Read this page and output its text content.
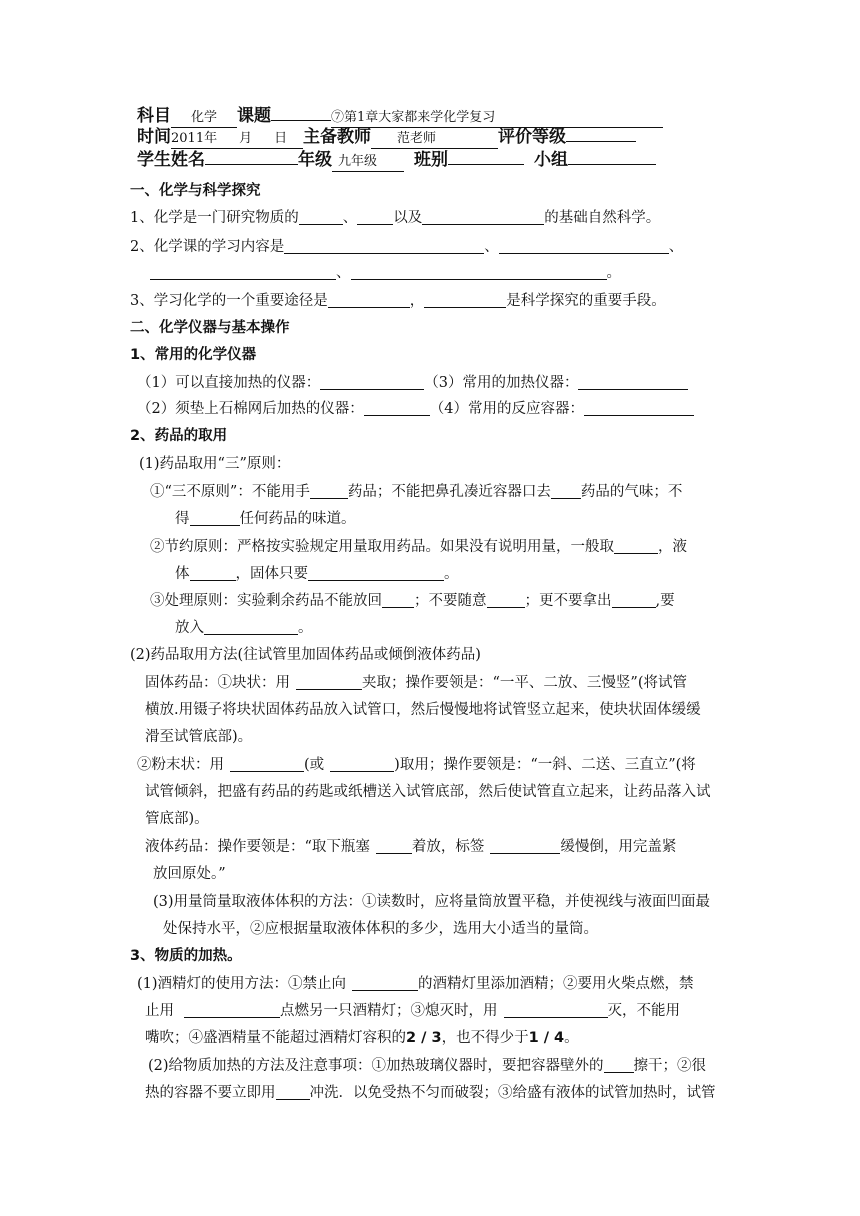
科目 化学 课题	⑦第1章大家都来学化学复习
时间2011年 月 日 主备教师 范老师	评价等级
学生姓名	年级 九年级 班别	小组
一、化学与科学探究
1、化学是一门研究物质的	、 以及	的基础自然科学。
2、化学课的学习内容是	、	、
、	。
3、学习化学的一个重要途径是	，	是科学探究的重要手段。
二、化学仪器与基本操作
1、常用的化学仪器
（1）可以直接加热的仪器：	（3）常用的加热仪器：
（2）须垫上石棉网后加热的仪器：	（4）常用的反应容器：
2、药品的取用
(1)药品取用“三”原则：
①“三不原则”：不能用手	药品；不能把鼻孔凑近容器口去 药品的气味；不
得	任何药品的味道。
②节约原则：严格按实验规定用量取用药品。如果没有说明用量，一般取	，液
体	，固体只要	。
③处理原则：实验剩余药品不能放回 ；不要随意	；更不要拿出	,要
放入	。
(2)药品取用方法(往试管里加固体药品或倾倒液体药品)
固体药品：①块状：用	夹取；操作要领是：“一平、二放、三慢竖”(将试管
横放.用镊子将块状固体药品放入试管口，然后慢慢地将试管竖立起来，使块状固体缓缓
滑至试管底部)。
②粉末状：用	(或	)取用；操作要领是：“一斜、二送、三直立”(将
试管倾斜，把盛有药品的药匙或纸槽送入试管底部，然后使试管直立起来，让药品落入试
管底部)。
液体药品：操作要领是：“取下瓶塞	着放，标签	缓慢倒，用完盖紧
放回原处。”
(3)用量筒量取液体体积的方法：①读数时，应将量筒放置平稳，并使视线与液面凹面最
处保持水平，②应根据量取液体体积的多少，选用大小适当的量筒。
3、物质的加热。
(1)酒精灯的使用方法：①禁止向	的酒精灯里添加酒精；②要用火柴点燃，禁
止用	点燃另一只酒精灯；③熄灭时，用	灭，不能用
嘴吹；④盛酒精量不能超过酒精灯容积的2 / 3，也不得少于1 / 4。
(2)给物质加热的方法及注意事项：①加热玻璃仪器时，要把容器壁外的 擦干；②很
热的容器不要立即用 冲洗．以免受热不匀而破裂；③给盛有液体的试管加热时，试管
